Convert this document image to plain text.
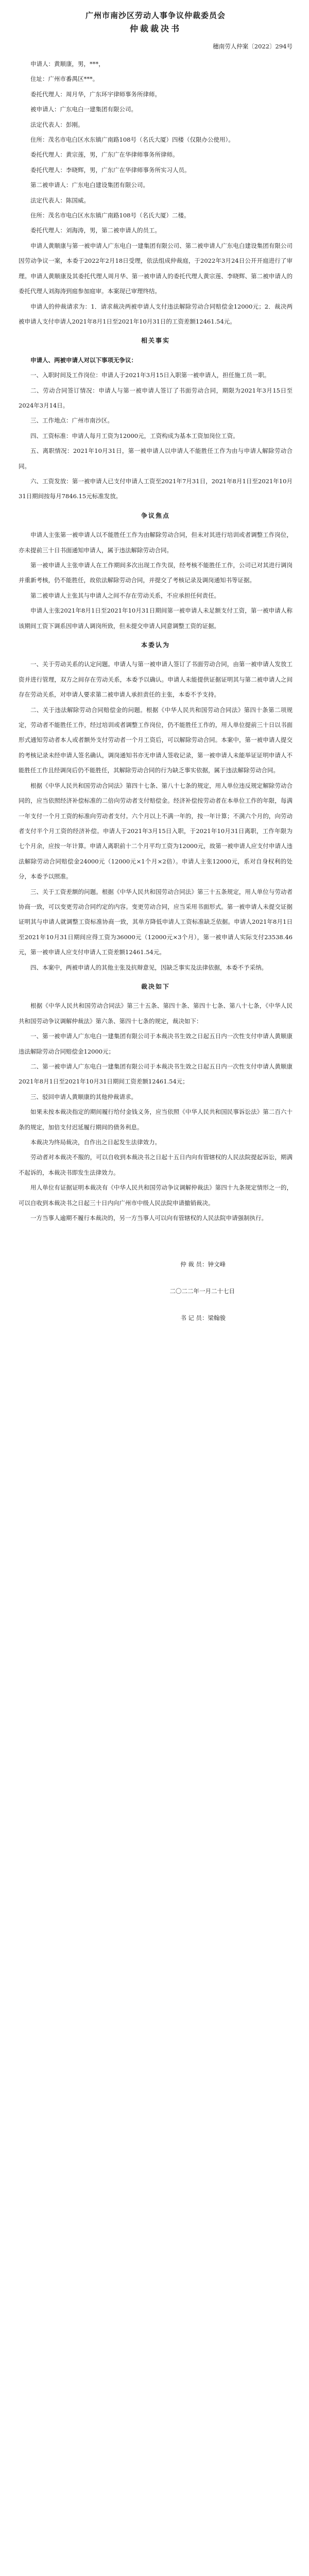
广州市南沙区劳动人事争议仲裁委员会
仲裁裁决书

穗南劳人仲案〔2022〕294号

申请人：黄顺康，男，***，

住址：广州市番禺区***。

委托代理人：周月华，广东环宇律师事务所律师。

被申请人：广东电白一建集团有限公司。

法定代表人：彭刚。

住所：茂名市电白区水东镇广南路108号（名氏大厦）四楼（仅限办公使用）。

委托代理人：黄宗莲，男，广东广在华律师事务所律师。

委托代理人：李晓辉，男，广东广在华律师事务所实习人员。

第二被申请人：广东电白建设集团有限公司。

法定代表人：陈国威。

住所：茂名市电白区水东镇广南路108号（名氏大厦）二楼。

委托代理人：刘海涛，男，第二被申请人的员工。

申请人黄顺康与第一被申请人广东电白一建集团有限公司、第二被申请人广东电白建设集团有限公司因劳动争议一案，本委于2022年2月18日受理，依法组成仲裁庭，于2022年3月24日公开开庭进行了审理。申请人黄顺康及其委托代理人周月华、第一被申请人的委托代理人黄宗莲、李晓辉、第二被申请人的委托代理人刘海涛到庭参加庭审。本案现已审理终结。

申请人的仲裁请求为：1．请求裁决两被申请人支付违法解除劳动合同赔偿金12000元；2．裁决两被申请人支付申请人2021年8月1日至2021年10月31日的工资差额12461.54元。

相关事实

申请人、两被申请人对以下事项无争议：

一、入职时间及工作岗位：申请人于2021年3月15日入职第一被申请人，担任施工员一职。

二、劳动合同签订情况：申请人与第一被申请人签订了书面劳动合同，期限为2021年3月15日至2024年3月14日。

三、工作地点：广州市南沙区。

四、工资标准：申请人每月工资为12000元，工资构成为基本工资加岗位工资。

五、离职情况：2021年10月31日，第一被申请人以申请人不能胜任工作为由与申请人解除劳动合同。

六、工资发放：第一被申请人已支付申请人工资至2021年7月31日，2021年8月1日至2021年10月31日期间按每月7846.15元标准发放。

争议焦点

申请人主张第一被申请人以不能胜任工作为由解除劳动合同，但未对其进行培训或者调整工作岗位，亦未提前三十日书面通知申请人，属于违法解除劳动合同。

第一被申请人主张申请人在工作期间多次出现工作失误，经考核不能胜任工作，公司已对其进行调岗并重新考核，仍不能胜任，故依法解除劳动合同，并提交了考核记录及调岗通知书等证据。

第二被申请人主张其与申请人之间不存在劳动关系，不应承担任何责任。

申请人主张2021年8月1日至2021年10月31日期间第一被申请人未足额支付工资，第一被申请人称该期间工资下调系因申请人调岗所致，但未提交申请人同意调整工资的证据。

本委认为

一、关于劳动关系的认定问题。申请人与第一被申请人签订了书面劳动合同，由第一被申请人发放工资并进行管理，双方之间存在劳动关系，本委予以确认。申请人未能提供证据证明其与第二被申请人之间存在劳动关系，对申请人要求第二被申请人承担责任的主张，本委不予支持。

二、关于违法解除劳动合同赔偿金的问题。根据《中华人民共和国劳动合同法》第四十条第二项规定，劳动者不能胜任工作，经过培训或者调整工作岗位，仍不能胜任工作的，用人单位提前三十日以书面形式通知劳动者本人或者额外支付劳动者一个月工资后，可以解除劳动合同。本案中，第一被申请人提交的考核记录未经申请人签名确认，调岗通知书亦无申请人签收记录，第一被申请人未能举证证明申请人不能胜任工作且经调岗后仍不能胜任，其解除劳动合同的行为缺乏事实依据，属于违法解除劳动合同。

根据《中华人民共和国劳动合同法》第四十七条、第八十七条的规定，用人单位违反规定解除劳动合同的，应当依照经济补偿标准的二倍向劳动者支付赔偿金。经济补偿按劳动者在本单位工作的年限，每满一年支付一个月工资的标准向劳动者支付。六个月以上不满一年的，按一年计算；不满六个月的，向劳动者支付半个月工资的经济补偿。申请人于2021年3月15日入职，于2021年10月31日离职，工作年限为七个月余，应按一年计算。申请人离职前十二个月平均工资为12000元，故第一被申请人应支付申请人违法解除劳动合同赔偿金24000元（12000元×1个月×2倍）。申请人主张12000元，系对自身权利的处分，本委予以照准。

三、关于工资差额的问题。根据《中华人民共和国劳动合同法》第三十五条规定，用人单位与劳动者协商一致，可以变更劳动合同约定的内容。变更劳动合同，应当采用书面形式。第一被申请人未提交证据证明其与申请人就调整工资标准协商一致，其单方降低申请人工资标准缺乏依据。申请人2021年8月1日至2021年10月31日期间应得工资为36000元（12000元×3个月），第一被申请人实际支付23538.46元，第一被申请人应支付申请人工资差额12461.54元。

四、本案中，两被申请人的其他主张及抗辩意见，因缺乏事实及法律依据，本委不予采纳。

裁决如下

根据《中华人民共和国劳动合同法》第三十五条、第四十条、第四十七条、第八十七条，《中华人民共和国劳动争议调解仲裁法》第六条、第四十七条的规定，裁决如下：

一、第一被申请人广东电白一建集团有限公司于本裁决书生效之日起五日内一次性支付申请人黄顺康违法解除劳动合同赔偿金12000元；

二、第一被申请人广东电白一建集团有限公司于本裁决书生效之日起五日内一次性支付申请人黄顺康2021年8月1日至2021年10月31日期间工资差额12461.54元；

三、驳回申请人黄顺康的其他仲裁请求。

如果未按本裁决指定的期间履行给付金钱义务，应当依照《中华人民共和国民事诉讼法》第二百六十条的规定，加倍支付迟延履行期间的债务利息。

本裁决为终局裁决，自作出之日起发生法律效力。

劳动者对本裁决不服的，可以自收到本裁决书之日起十五日内向有管辖权的人民法院提起诉讼，期满不起诉的，本裁决书即发生法律效力。

用人单位有证据证明本裁决有《中华人民共和国劳动争议调解仲裁法》第四十九条规定情形之一的，可以自收到本裁决书之日起三十日内向广州市中级人民法院申请撤销裁决。

一方当事人逾期不履行本裁决的，另一方当事人可以向有管辖权的人民法院申请强制执行。

仲 裁 员：钟文峰

二〇二二年一月二十七日

书 记 员：梁翰骏
